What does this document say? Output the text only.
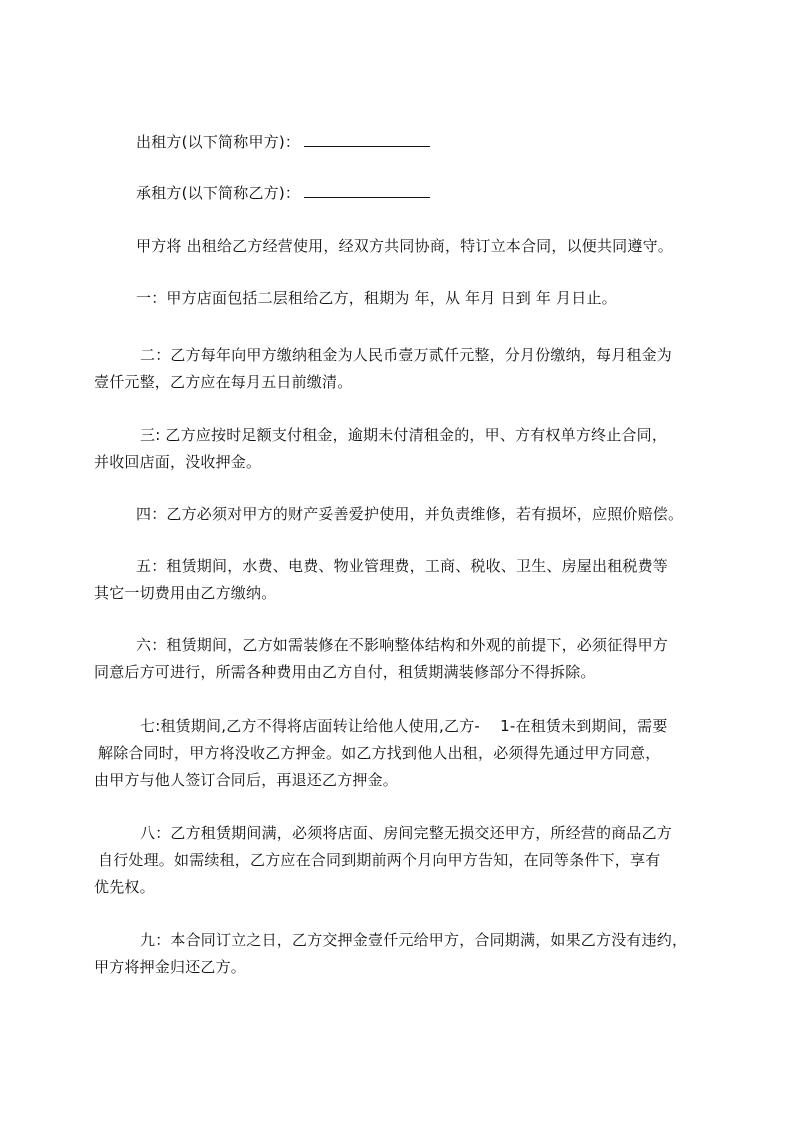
出租方(以下简称甲方)：
承租方(以下简称乙方)：
甲方将 出租给乙方经营使用，经双方共同协商，特订立本合同，以便共同遵守。
一：甲方店面包括二层租给乙方，租期为 年，从 年月 日到 年 月日止。
二：乙方每年向甲方缴纳租金为人民币壹万贰仟元整，分月份缴纳，每月租金为
壹仟元整，乙方应在每月五日前缴清。
三: 乙方应按时足额支付租金，逾期未付清租金的，甲、方有权单方终止合同，
并收回店面，没收押金。
四：乙方必须对甲方的财产妥善爱护使用，并负责维修，若有损坏，应照价赔偿。
五：租赁期间，水费、电费、物业管理费，工商、税收、卫生、房屋出租税费等
其它一切费用由乙方缴纳。
六：租赁期间，乙方如需装修在不影响整体结构和外观的前提下，必须征得甲方
同意后方可进行，所需各种费用由乙方自付，租赁期满装修部分不得拆除。
七:租赁期间,乙方不得将店面转让给他人使用,乙方-　 1-在租赁未到期间，需要
解除合同时，甲方将没收乙方押金。如乙方找到他人出租，必须得先通过甲方同意，
由甲方与他人签订合同后，再退还乙方押金。
八：乙方租赁期间满，必须将店面、房间完整无损交还甲方，所经营的商品乙方
自行处理。如需续租，乙方应在合同到期前两个月向甲方告知，在同等条件下，享有
优先权。
九：本合同订立之日，乙方交押金壹仟元给甲方，合同期满，如果乙方没有违约，
甲方将押金归还乙方。
